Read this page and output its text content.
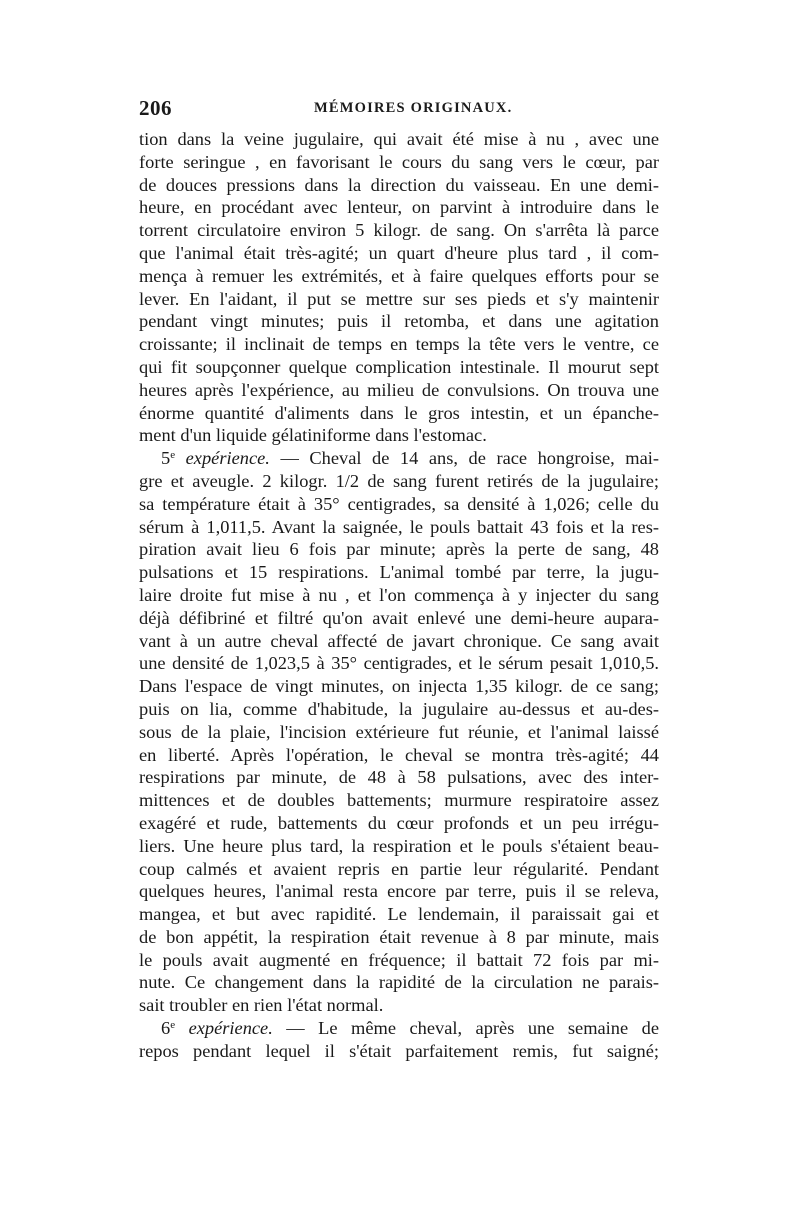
206	MÉMOIRES ORIGINAUX.
tion dans la veine jugulaire, qui avait été mise à nu , avec une
forte seringue , en favorisant le cours du sang vers le cœur, par
de douces pressions dans la direction du vaisseau. En une demi-
heure, en procédant avec lenteur, on parvint à introduire dans le
torrent circulatoire environ 5 kilogr. de sang. On s'arrêta là parce
que l'animal était très-agité; un quart d'heure plus tard , il com-
mença à remuer les extrémités, et à faire quelques efforts pour se
lever. En l'aidant, il put se mettre sur ses pieds et s'y maintenir
pendant vingt minutes; puis il retomba, et dans une agitation
croissante; il inclinait de temps en temps la tête vers le ventre, ce
qui fit soupçonner quelque complication intestinale. Il mourut sept
heures après l'expérience, au milieu de convulsions. On trouva une
énorme quantité d'aliments dans le gros intestin, et un épanche-
ment d'un liquide gélatiniforme dans l'estomac.
5e expérience. — Cheval de 14 ans, de race hongroise, mai-
gre et aveugle. 2 kilogr. 1/2 de sang furent retirés de la jugulaire;
sa température était à 35° centigrades, sa densité à 1,026; celle du
sérum à 1,011,5. Avant la saignée, le pouls battait 43 fois et la res-
piration avait lieu 6 fois par minute; après la perte de sang, 48
pulsations et 15 respirations. L'animal tombé par terre, la jugu-
laire droite fut mise à nu , et l'on commença à y injecter du sang
déjà défibriné et filtré qu'on avait enlevé une demi-heure aupara-
vant à un autre cheval affecté de javart chronique. Ce sang avait
une densité de 1,023,5 à 35° centigrades, et le sérum pesait 1,010,5.
Dans l'espace de vingt minutes, on injecta 1,35 kilogr. de ce sang;
puis on lia, comme d'habitude, la jugulaire au-dessus et au-des-
sous de la plaie, l'incision extérieure fut réunie, et l'animal laissé
en liberté. Après l'opération, le cheval se montra très-agité; 44
respirations par minute, de 48 à 58 pulsations, avec des inter-
mittences et de doubles battements; murmure respiratoire assez
exagéré et rude, battements du cœur profonds et un peu irrégu-
liers. Une heure plus tard, la respiration et le pouls s'étaient beau-
coup calmés et avaient repris en partie leur régularité. Pendant
quelques heures, l'animal resta encore par terre, puis il se releva,
mangea, et but avec rapidité. Le lendemain, il paraissait gai et
de bon appétit, la respiration était revenue à 8 par minute, mais
le pouls avait augmenté en fréquence; il battait 72 fois par mi-
nute. Ce changement dans la rapidité de la circulation ne parais-
sait troubler en rien l'état normal.
6e expérience. — Le même cheval, après une semaine de
repos pendant lequel il s'était parfaitement remis, fut saigné;
